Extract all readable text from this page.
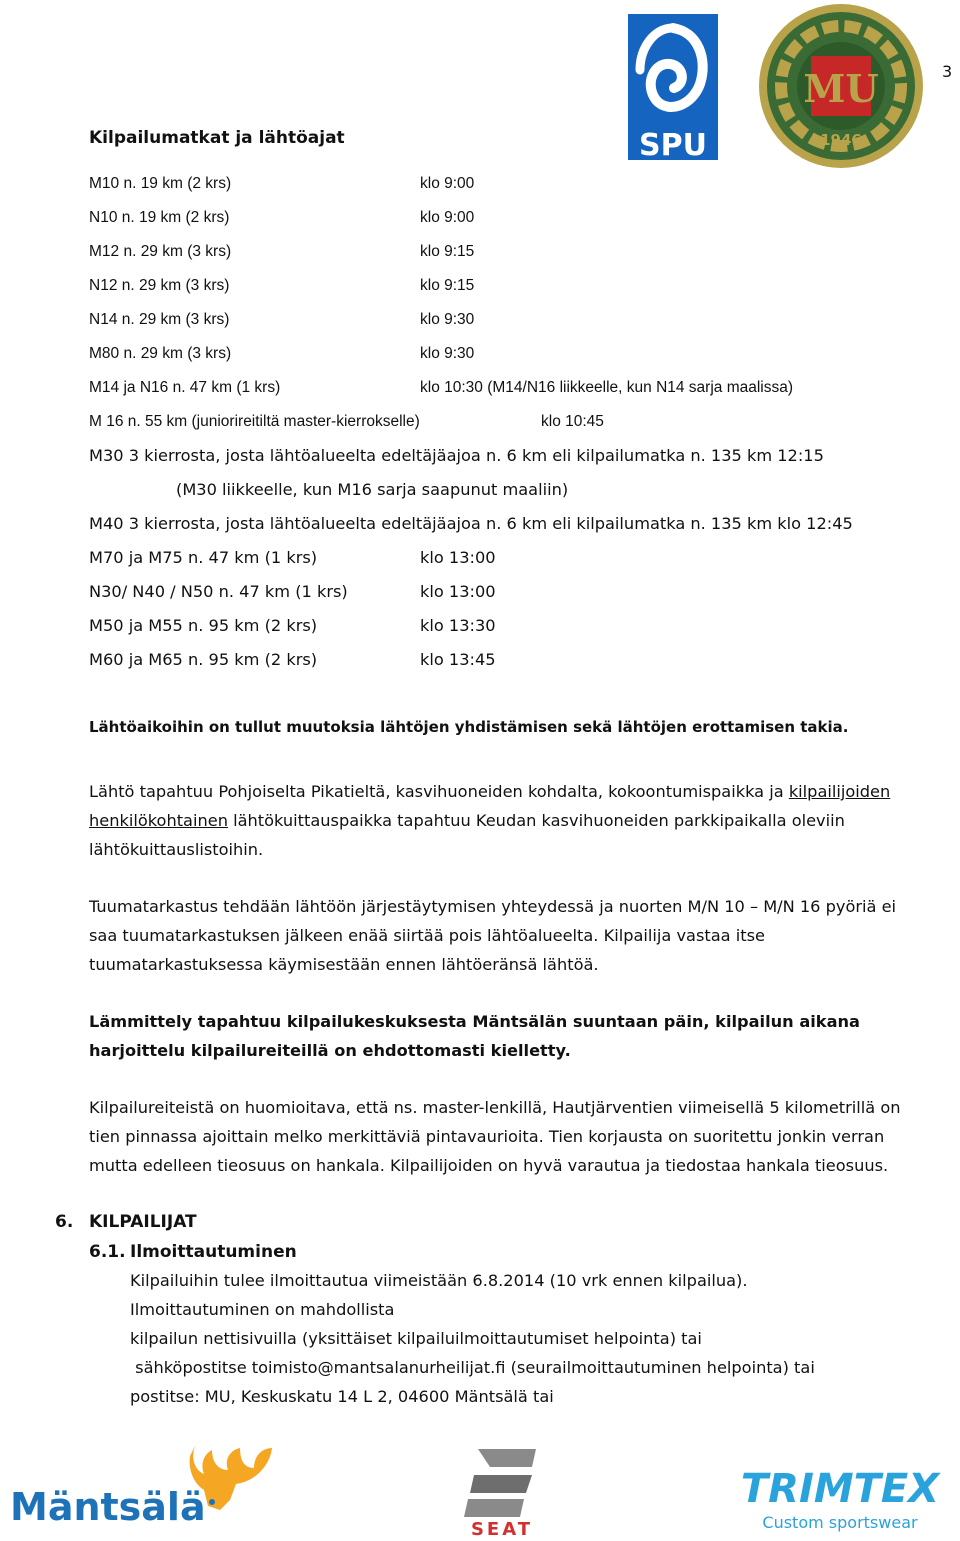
3
SPU
MU
1946
Kilpailumatkat ja lähtöajat
M10 n. 19 km (2 krs)	klo 9:00
N10 n. 19 km (2 krs)	klo 9:00
M12 n. 29 km (3 krs)	klo 9:15
N12 n. 29 km (3 krs)	klo 9:15
N14 n. 29 km (3 krs)	klo 9:30
M80 n. 29 km (3 krs)	klo 9:30
M14 ja N16 n. 47 km (1 krs)	klo 10:30 (M14/N16 liikkeelle, kun N14 sarja maalissa)
M 16 n. 55 km (juniorireitiltä master-kierrokselle)	klo 10:45
M30 3 kierrosta, josta lähtöalueelta edeltäjäajoa n. 6 km eli kilpailumatka n. 135 km 12:15
(M30 liikkeelle, kun M16 sarja saapunut maaliin)
M40 3 kierrosta, josta lähtöalueelta edeltäjäajoa n. 6 km eli kilpailumatka n. 135 km klo 12:45
M70 ja M75 n. 47 km (1 krs)	klo 13:00
N30/ N40 / N50 n. 47 km (1 krs)	klo 13:00
M50 ja M55 n. 95 km (2 krs)	klo 13:30
M60 ja M65 n. 95 km (2 krs)	klo 13:45
Lähtöaikoihin on tullut muutoksia lähtöjen yhdistämisen sekä lähtöjen erottamisen takia.
Lähtö tapahtuu Pohjoiselta Pikatieltä, kasvihuoneiden kohdalta, kokoontumispaikka ja kilpailijoiden henkilökohtainen lähtökuittauspaikka tapahtuu Keudan kasvihuoneiden parkkipaikalla oleviin lähtökuittauslistoihin.
Tuumatarkastus tehdään lähtöön järjestäytymisen yhteydessä ja nuorten M/N 10 – M/N 16 pyöriä ei saa tuumatarkastuksen jälkeen enää siirtää pois lähtöalueelta. Kilpailija vastaa itse tuumatarkastuksessa käymisestään ennen lähtöeränsä lähtöä.
Lämmittely tapahtuu kilpailukeskuksesta Mäntsälän suuntaan päin, kilpailun aikana harjoittelu kilpailureiteillä on ehdottomasti kielletty.
Kilpailureiteistä on huomioitava, että ns. master-lenkillä, Hautjärventien viimeisellä 5 kilometrillä on tien pinnassa ajoittain melko merkittäviä pintavaurioita. Tien korjausta on suoritettu jonkin verran mutta edelleen tieosuus on hankala. Kilpailijoiden on hyvä varautua ja tiedostaa hankala tieosuus.
6. KILPAILIJAT
6.1. Ilmoittautuminen
Kilpailuihin tulee ilmoittautua viimeistään 6.8.2014 (10 vrk ennen kilpailua).
Ilmoittautuminen on mahdollista
kilpailun nettisivuilla (yksittäiset kilpailuilmoittautumiset helpointa) tai
sähköpostitse toimisto@mantsalanurheilijat.fi (seurailmoittautuminen helpointa) tai
postitse: MU, Keskuskatu 14 L 2, 04600 Mäntsälä tai
Mäntsälä
SEAT
TRIMTEX
Custom sportswear
